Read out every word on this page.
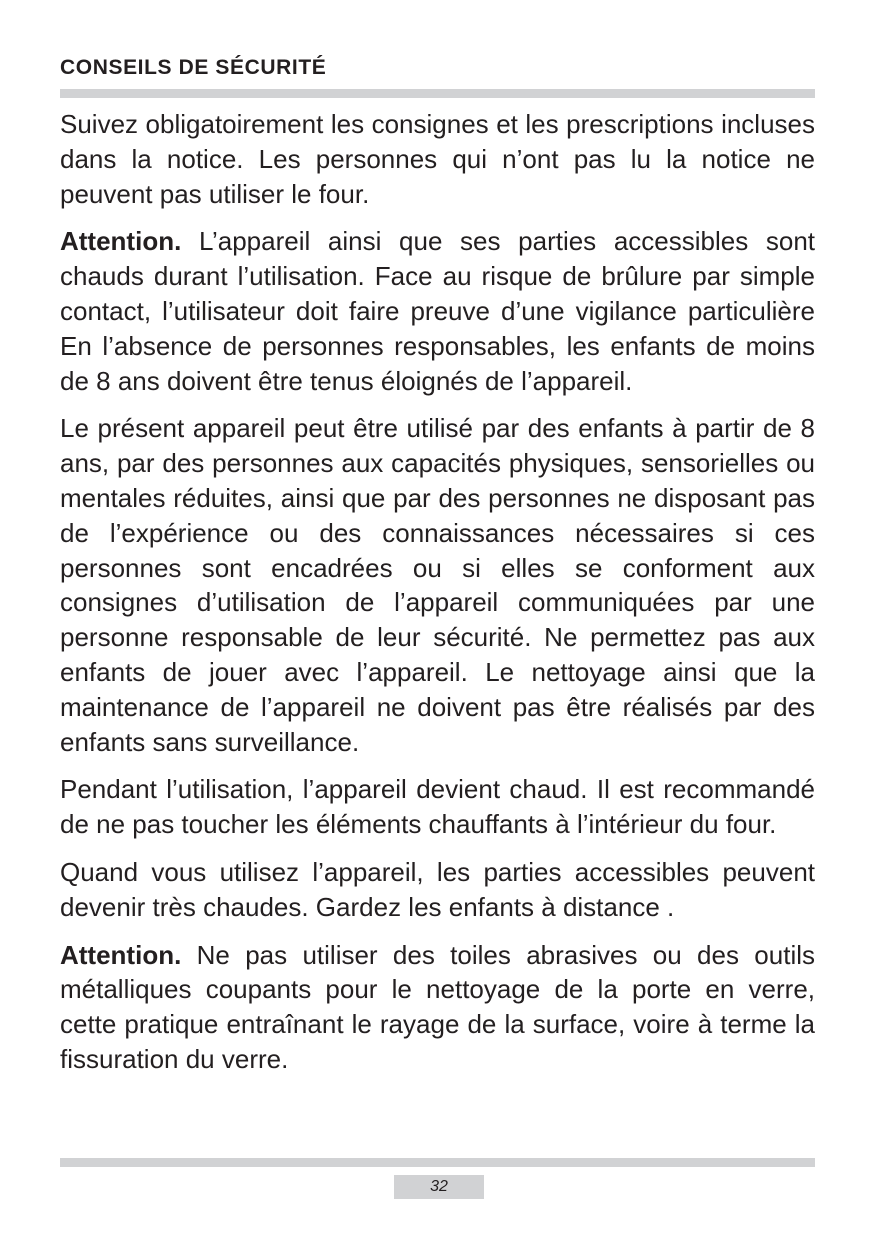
CONSEILS DE SÉCURITÉ

Suivez obligatoirement les consignes et les prescriptions incluses dans la notice. Les personnes qui n’ont pas lu la notice ne peuvent pas utiliser le four.

Attention. L’appareil ainsi que ses parties accessibles sont chauds durant l’utilisation. Face au risque de brûlure par simple contact, l’utilisateur doit faire preuve d’une vigilance particulière En l’absence de personnes responsables, les enfants de moins de 8 ans doivent être tenus éloignés de l’appareil.

Le présent appareil peut être utilisé par des enfants à partir de 8 ans, par des personnes aux capacités physiques, sensorielles ou mentales réduites, ainsi que par des personnes ne disposant pas de l’expérience ou des connaissances nécessaires si ces personnes sont encadrées ou si elles se conforment aux consignes d’utilisation de l’appareil communiquées par une personne responsable de leur sécurité. Ne permettez pas aux enfants de jouer avec l’appareil. Le nettoyage ainsi que la maintenance de l’appareil ne doivent pas être réalisés par des enfants sans surveillance.

Pendant l’utilisation, l’appareil devient chaud. Il est recommandé de ne pas toucher les éléments chauffants à l’intérieur du four.

Quand vous utilisez l’appareil, les parties accessibles peuvent devenir très chaudes. Gardez les enfants à distance .

Attention. Ne pas utiliser des toiles abrasives ou des outils métalliques coupants pour le nettoyage de la porte en verre, cette pratique entraînant le rayage de la surface, voire à terme la fissuration du verre.

32
